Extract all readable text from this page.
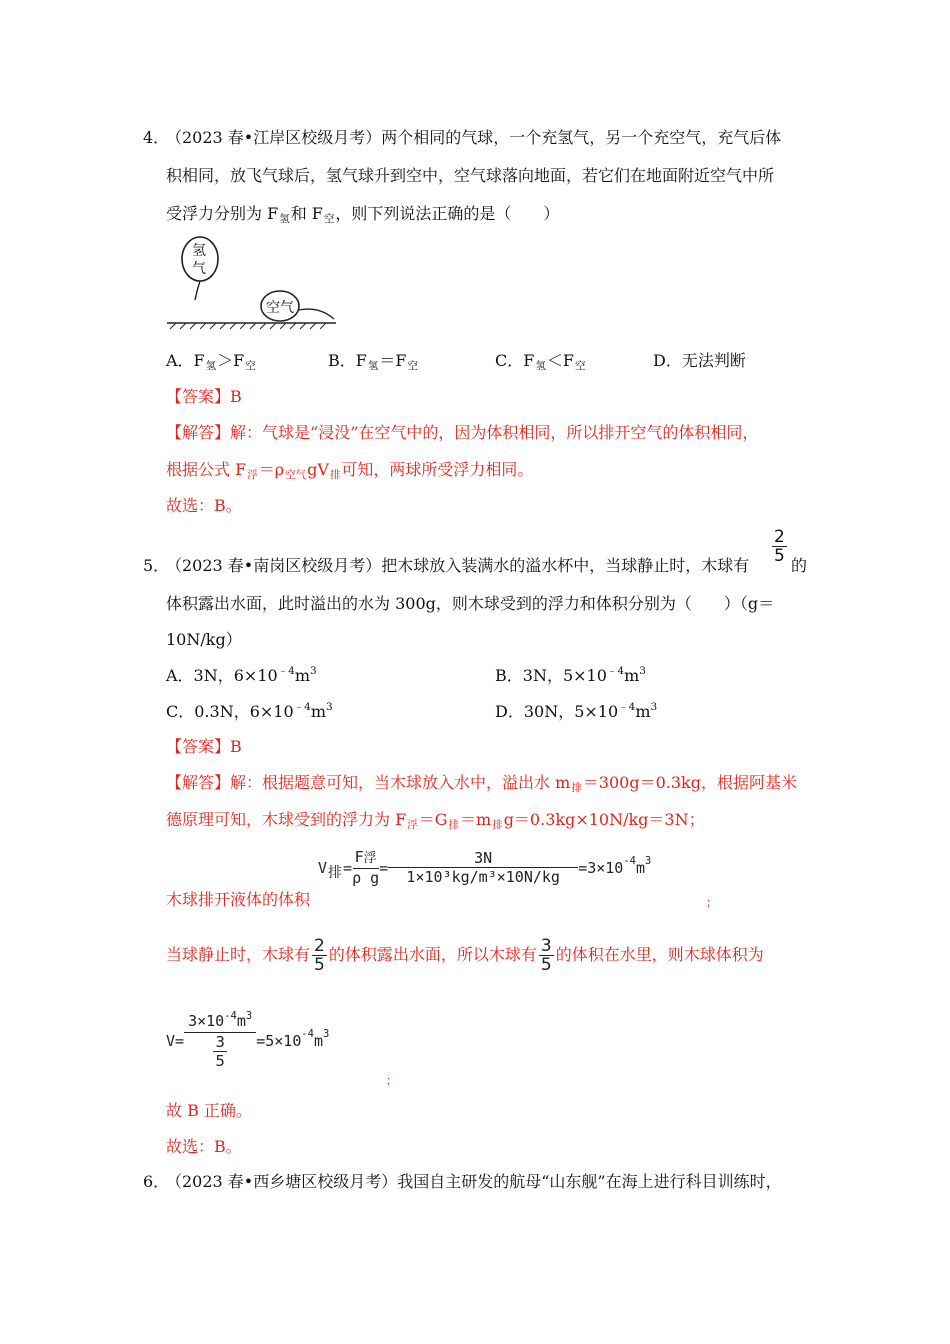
4．
（2023 春•江岸区校级月考）两个相同的气球，一个充氢气，另一个充空气，充气后体
积相同，放飞气球后，氢气球升到空中，空气球落向地面，若它们在地面附近空气中所
受浮力分别为 F氢和 F空，则下列说法正确的是（　　）
氢
气
空气
A．F氢＞F空	B．F氢＝F空	C．F氢＜F空	D．无法判断
【答案】B
【解答】解：气球是“浸没”在空气中的，因为体积相同，所以排开空气的体积相同，
根据公式 F浮＝ρ空气gV排可知，两球所受浮力相同。
故选：B。
5．
（2023 春•南岗区校级月考）把木球放入装满水的溢水杯中，当球静止时，木球有
$\frac{2}{5}$
的
体积露出水面，此时溢出的水为 300g，则木球受到的浮力和体积分别为（　　）（g＝
10N/kg）
A．3N，$6\times 10^{﹣4}m^3$	B．3N，$5\times 10^{﹣4}m^3$
C．0.3N，$6\times 10^{﹣4}m^3$	D．30N，$5\times 10^{﹣4}m^3$
【答案】B
【解答】解：根据题意可知，当木球放入水中，溢出水 m排＝300g＝0.3kg，根据阿基米
德原理可知，木球受到的浮力为 F浮＝G排＝m排g＝0.3kg×10N/kg＝3N；
木球排开液体的体积
V 排 = $\frac{\text{F浮}}{\text{ρ g}} = \frac{3N}{\text{1×10³kg/m³×10N/kg}} =3\times 10$ -4 m 3
；
当球静止时，木球有 $\frac{2}{5}$ 的体积露出水面，所以木球有 $\frac{3}{5}$ 的体积在水里，则木球体积为
$V= \frac{3\times 10^{-4}m^3}{\frac{3}{5}} =5\times 10$ -4 m 3
；
故 B 正确。
故选：B。
6．
（2023 春•西乡塘区校级月考）我国自主研发的航母“山东舰”在海上进行科目训练时，
